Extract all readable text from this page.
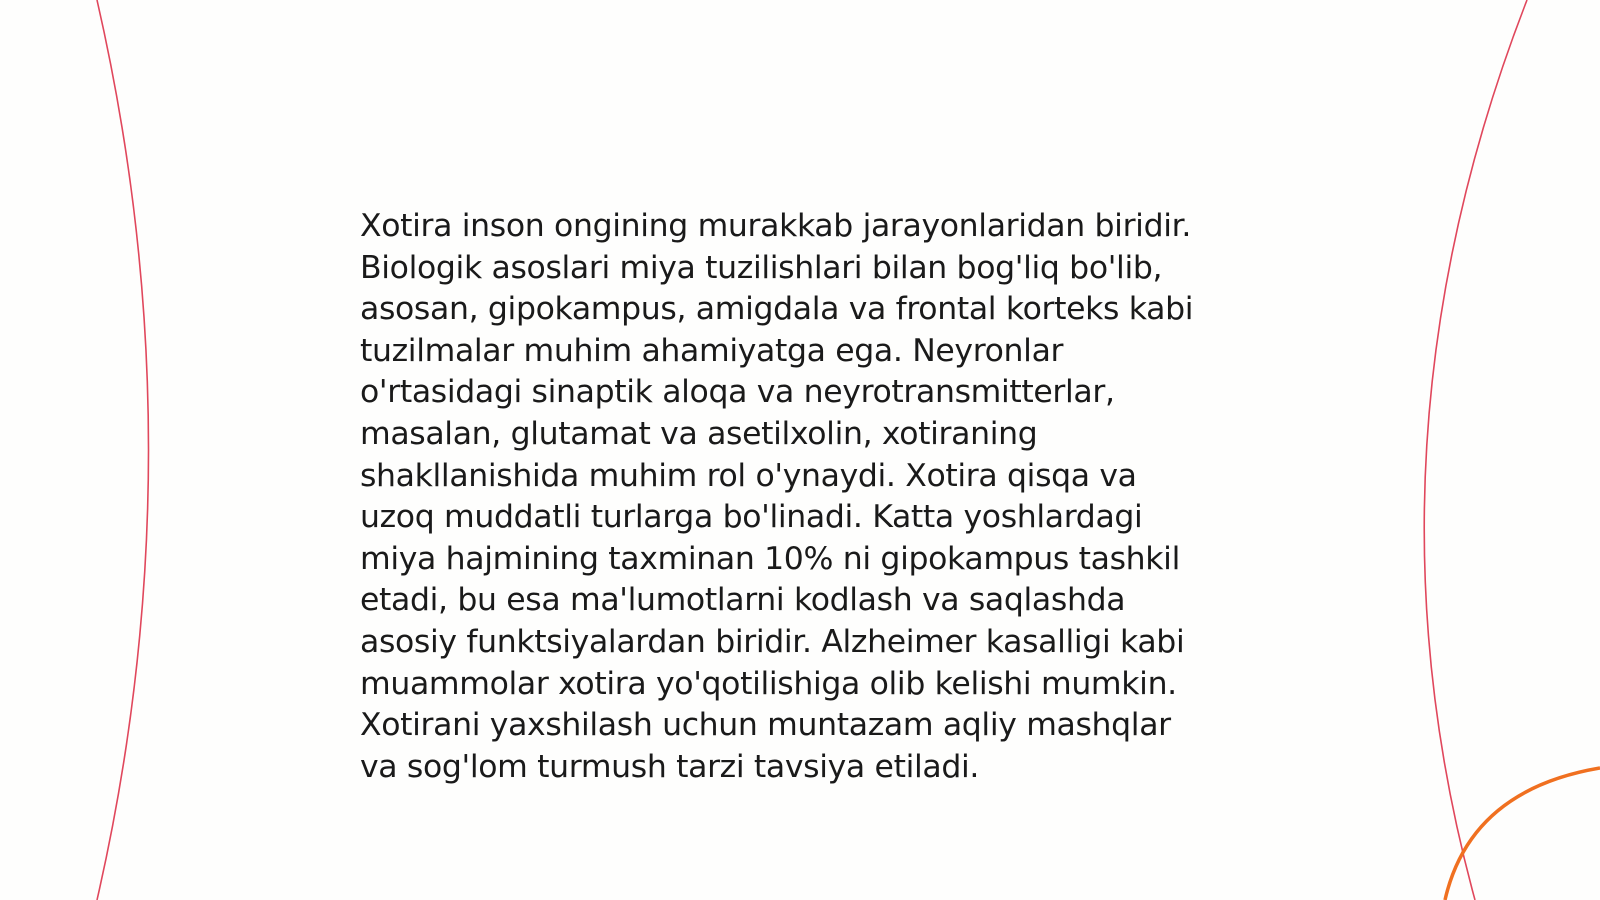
Xotira inson ongining murakkab jarayonlaridan biridir.
Biologik asoslari miya tuzilishlari bilan bog'liq bo'lib,
asosan, gipokampus, amigdala va frontal korteks kabi
tuzilmalar muhim ahamiyatga ega. Neyronlar
o'rtasidagi sinaptik aloqa va neyrotransmitterlar,
masalan, glutamat va asetilxolin, xotiraning
shakllanishida muhim rol o'ynaydi. Xotira qisqa va
uzoq muddatli turlarga bo'linadi. Katta yoshlardagi
miya hajmining taxminan 10% ni gipokampus tashkil
etadi, bu esa ma'lumotlarni kodlash va saqlashda
asosiy funktsiyalardan biridir. Alzheimer kasalligi kabi
muammolar xotira yo'qotilishiga olib kelishi mumkin.
Xotirani yaxshilash uchun muntazam aqliy mashqlar
va sog'lom turmush tarzi tavsiya etiladi.
